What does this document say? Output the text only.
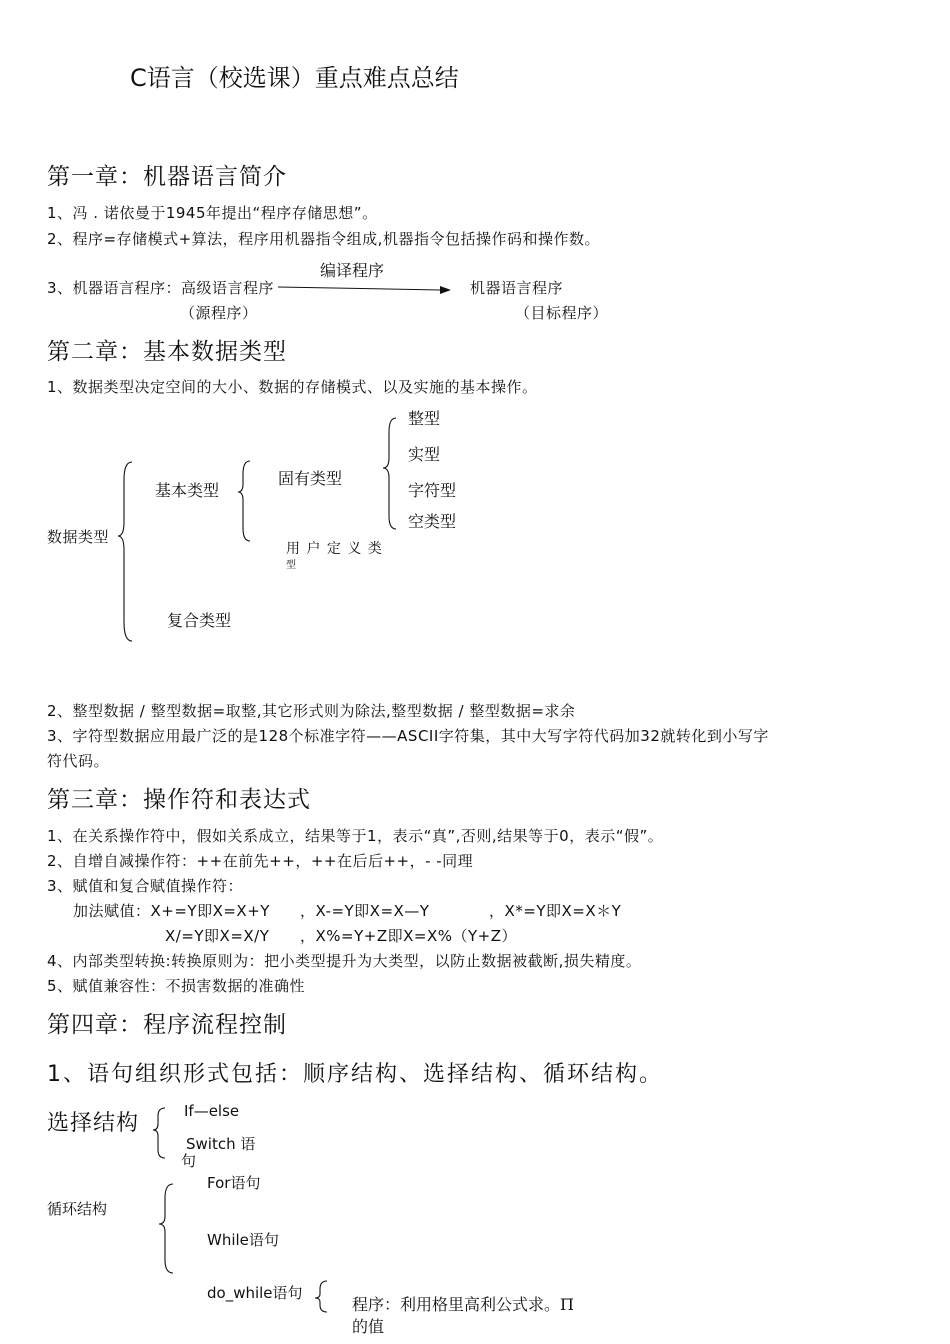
C语言（校选课）重点难点总结
第一章：机器语言简介
1、冯 . 诺依曼于1945年提出“程序存储思想”。
2、程序=存储模式+算法，程序用机器指令组成,机器指令包括操作码和操作数。
编译程序
3、机器语言程序：高级语言程序	机器语言程序
（源程序）	（目标程序）
第二章：基本数据类型
1、数据类型决定空间的大小、数据的存储模式、以及实施的基本操作。
整型
实型
固有类型
基本类型	字符型
空类型
数据类型
用 户 定 义 类
型
复合类型
2、整型数据 / 整型数据=取整,其它形式则为除法,整型数据 / 整型数据=求余
3、字符型数据应用最广泛的是128个标准字符——ASCII字符集，其中大写字符代码加32就转化到小写字
符代码。
第三章：操作符和表达式
1、在关系操作符中，假如关系成立，结果等于1，表示“真”,否则,结果等于0，表示“假”。
2、自增自减操作符：++在前先++，++在后后++，- -同理
3、赋值和复合赋值操作符：
加法赋值：X+=Y即X=X+Y ，X-=Y即X=X—Y	，X*=Y即X=X＊Y
X/=Y即X=X/Y ，X%=Y+Z即X=X%（Y+Z）
4、内部类型转换:转换原则为：把小类型提升为大类型，以防止数据被截断,损失精度。
5、赋值兼容性：不损害数据的准确性
第四章：程序流程控制
1、语句组织形式包括：顺序结构、选择结构、循环结构。
选择结构	If—else
Switch 语
句
For语句
循环结构
While语句
do_while语句
程序：利用格里高利公式求。Π
的值
